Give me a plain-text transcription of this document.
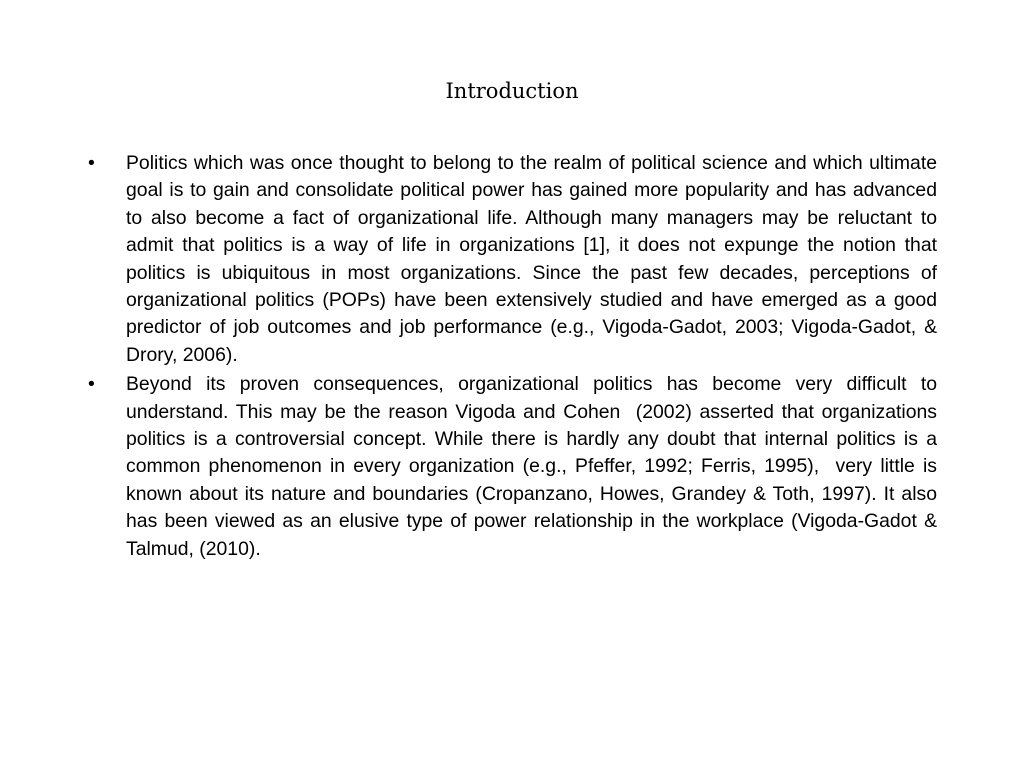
Introduction
•	Politics which was once thought to belong to the realm of political science and which ultimate goal is to gain and consolidate political power has gained more popularity and has advanced to also become a fact of organizational life. Although many managers may be reluctant to admit that politics is a way of life in organizations [1], it does not expunge the notion that politics is ubiquitous in most organizations. Since the past few decades, perceptions of organizational politics (POPs) have been extensively studied and have emerged as a good predictor of job outcomes and job performance (e.g., Vigoda-Gadot, 2003; Vigoda-Gadot, & Drory, 2006).
•	Beyond its proven consequences, organizational politics has become very difficult to understand. This may be the reason Vigoda and Cohen  (2002) asserted that organizations politics is a controversial concept. While there is hardly any doubt that internal politics is a common phenomenon in every organization (e.g., Pfeffer, 1992; Ferris, 1995),  very little is known about its nature and boundaries (Cropanzano, Howes, Grandey & Toth, 1997). It also has been viewed as an elusive type of power relationship in the workplace (Vigoda-Gadot & Talmud, (2010).
